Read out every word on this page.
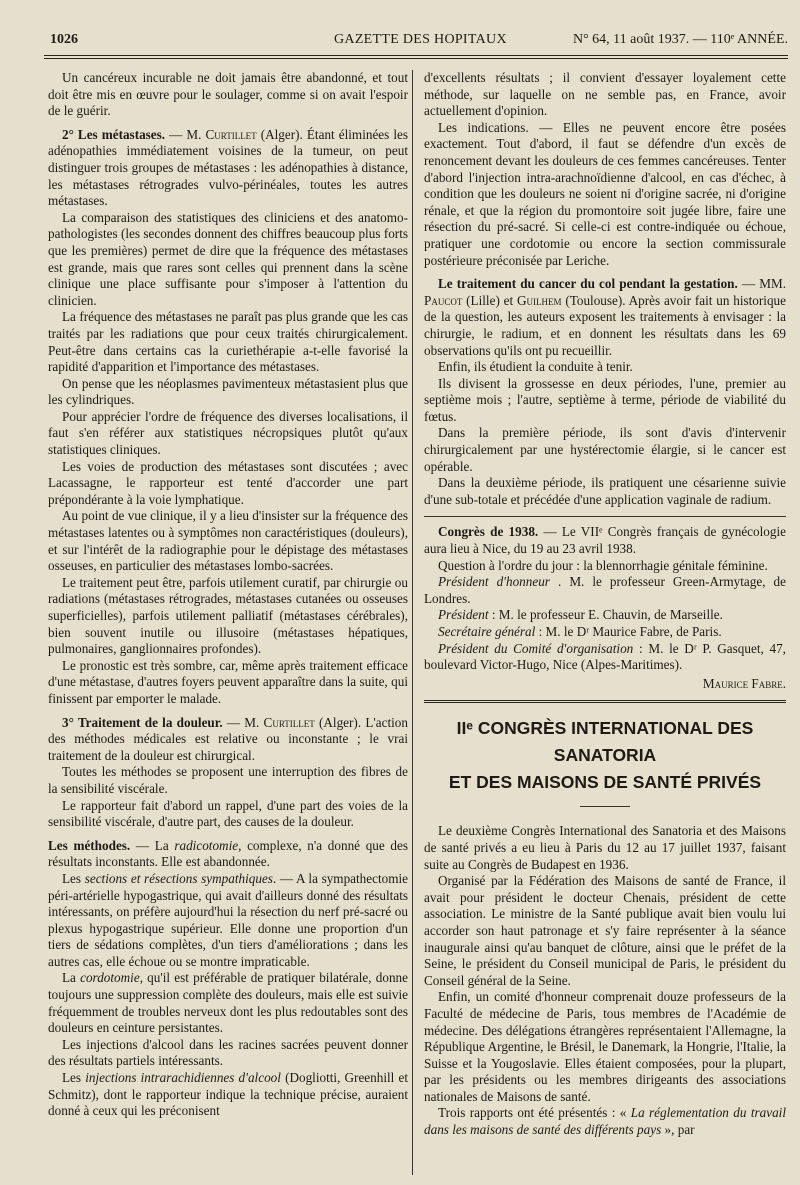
1026	GAZETTE DES HOPITAUX	N° 64, 11 août 1937. — 110ᵉ ANNÉE.

Un cancéreux incurable ne doit jamais être abandonné, et tout doit être mis en œuvre pour le soulager, comme si on avait l'espoir de le guérir.

2° Les métastases. — M. Curtillet (Alger). Étant éliminées les adénopathies immédiatement voisines de la tumeur, on peut distinguer trois groupes de métastases : les adénopathies à distance, les métastases rétrogrades vulvo-périnéales, toutes les autres métastases.

La comparaison des statistiques des cliniciens et des anatomo-pathologistes (les secondes donnent des chiffres beaucoup plus forts que les premières) permet de dire que la fréquence des métastases est grande, mais que rares sont celles qui prennent dans la scène clinique une place suffisante pour s'imposer à l'attention du clinicien.

La fréquence des métastases ne paraît pas plus grande que les cas traités par les radiations que pour ceux traités chirurgicalement. Peut-être dans certains cas la curiethérapie a-t-elle favorisé la rapidité d'apparition et l'importance des métastases.

On pense que les néoplasmes pavimenteux métastasient plus que les cylindriques.

Pour apprécier l'ordre de fréquence des diverses localisations, il faut s'en référer aux statistiques nécropsiques plutôt qu'aux statistiques cliniques.

Les voies de production des métastases sont discutées ; avec Lacassagne, le rapporteur est tenté d'accorder une part prépondérante à la voie lymphatique.

Au point de vue clinique, il y a lieu d'insister sur la fréquence des métastases latentes ou à symptômes non caractéristiques (douleurs), et sur l'intérêt de la radiographie pour le dépistage des métastases osseuses, en particulier des métastases lombo-sacrées.

Le traitement peut être, parfois utilement curatif, par chirurgie ou radiations (métastases rétrogrades, métastases cutanées ou osseuses superficielles), parfois utilement palliatif (métastases cérébrales), bien souvent inutile ou illusoire (métastases hépatiques, pulmonaires, ganglionnaires profondes).

Le pronostic est très sombre, car, même après traitement efficace d'une métastase, d'autres foyers peuvent apparaître dans la suite, qui finissent par emporter le malade.

3° Traitement de la douleur. — M. Curtillet (Alger). L'action des méthodes médicales est relative ou inconstante ; le vrai traitement de la douleur est chirurgical.

Toutes les méthodes se proposent une interruption des fibres de la sensibilité viscérale.

Le rapporteur fait d'abord un rappel, d'une part des voies de la sensibilité viscérale, d'autre part, des causes de la douleur.

Les méthodes. — La radicotomie, complexe, n'a donné que des résultats inconstants. Elle est abandonnée.

Les sections et résections sympathiques. — A la sympathectomie péri-artérielle hypogastrique, qui avait d'ailleurs donné des résultats intéressants, on préfère aujourd'hui la résection du nerf pré-sacré ou plexus hypogastrique supérieur. Elle donne une proportion d'un tiers de sédations complètes, d'un tiers d'améliorations ; dans les autres cas, elle échoue ou se montre impraticable.

La cordotomie, qu'il est préférable de pratiquer bilatérale, donne toujours une suppression complète des douleurs, mais elle est suivie fréquemment de troubles nerveux dont les plus redoutables sont des douleurs en ceinture persistantes.

Les injections d'alcool dans les racines sacrées peuvent donner des résultats partiels intéressants.

Les injections intrarachidiennes d'alcool (Dogliotti, Greenhill et Schmitz), dont le rapporteur indique la technique précise, auraient donné à ceux qui les préconisent

d'excellents résultats ; il convient d'essayer loyalement cette méthode, sur laquelle on ne semble pas, en France, avoir actuellement d'opinion.

Les indications. — Elles ne peuvent encore être posées exactement. Tout d'abord, il faut se défendre d'un excès de renoncement devant les douleurs de ces femmes cancéreuses. Tenter d'abord l'injection intra-arachnoïdienne d'alcool, en cas d'échec, à condition que les douleurs ne soient ni d'origine sacrée, ni d'origine rénale, et que la région du promontoire soit jugée libre, faire une résection du pré-sacré. Si celle-ci est contre-indiquée ou échoue, pratiquer une cordotomie ou encore la section commissurale postérieure préconisée par Leriche.

Le traitement du cancer du col pendant la gestation. — MM. Paucot (Lille) et Guilhem (Toulouse). Après avoir fait un historique de la question, les auteurs exposent les traitements à envisager : la chirurgie, le radium, et en donnent les résultats dans les 69 observations qu'ils ont pu recueillir.

Enfin, ils étudient la conduite à tenir.

Ils divisent la grossesse en deux périodes, l'une, premier au septième mois ; l'autre, septième à terme, période de viabilité du fœtus.

Dans la première période, ils sont d'avis d'intervenir chirurgicalement par une hystérectomie élargie, si le cancer est opérable.

Dans la deuxième période, ils pratiquent une césarienne suivie d'une sub-totale et précédée d'une application vaginale de radium.

Congrès de 1938. — Le VIIᵉ Congrès français de gynécologie aura lieu à Nice, du 19 au 23 avril 1938.

Question à l'ordre du jour : la blennorrhagie génitale féminine.

Président d'honneur . M. le professeur Green-Armytage, de Londres.

Président : M. le professeur E. Chauvin, de Marseille.

Secrétaire général : M. le Dʳ Maurice Fabre, de Paris.

Président du Comité d'organisation : M. le Dʳ P. Gasquet, 47, boulevard Victor-Hugo, Nice (Alpes-Maritimes).

Maurice Fabre.
IIᵉ CONGRÈS INTERNATIONAL DES SANATORIA
ET DES MAISONS DE SANTÉ PRIVÉS

Le deuxième Congrès International des Sanatoria et des Maisons de santé privés a eu lieu à Paris du 12 au 17 juillet 1937, faisant suite au Congrès de Budapest en 1936.

Organisé par la Fédération des Maisons de santé de France, il avait pour président le docteur Chenais, président de cette association. Le ministre de la Santé publique avait bien voulu lui accorder son haut patronage et s'y faire représenter à la séance inaugurale ainsi qu'au banquet de clôture, ainsi que le préfet de la Seine, le président du Conseil municipal de Paris, le président du Conseil général de la Seine.

Enfin, un comité d'honneur comprenait douze professeurs de la Faculté de médecine de Paris, tous membres de l'Académie de médecine. Des délégations étrangères représentaient l'Allemagne, la République Argentine, le Brésil, le Danemark, la Hongrie, l'Italie, la Suisse et la Yougoslavie. Elles étaient composées, pour la plupart, par les présidents ou les membres dirigeants des associations nationales de Maisons de santé.

Trois rapports ont été présentés : « La réglementation du travail dans les maisons de santé des différents pays », par
